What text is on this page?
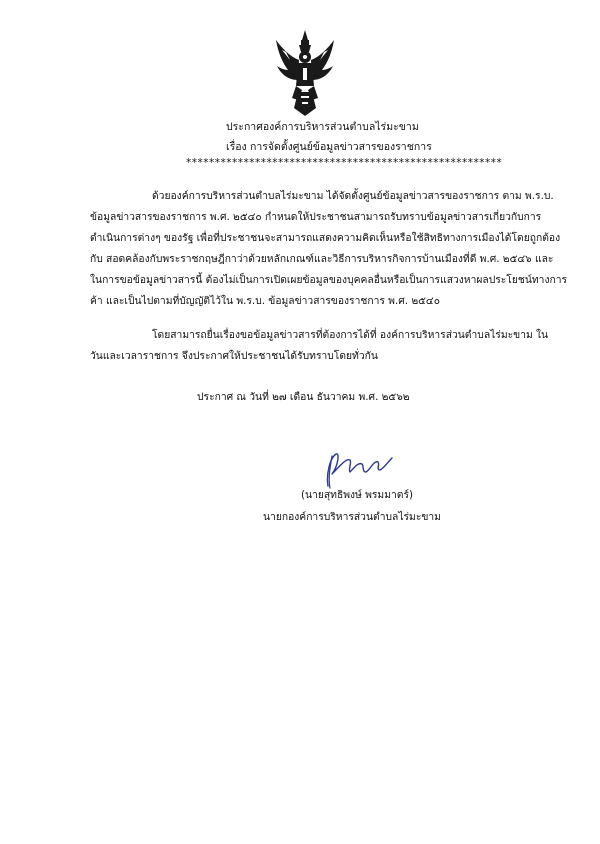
ประกาศองค์การบริหารส่วนตำบลไร่มะขาม
เรื่อง การจัดตั้งศูนย์ข้อมูลข่าวสารของราชการ
*******************************************************
ด้วยองค์การบริหารส่วนตำบลไร่มะขาม ได้จัดตั้งศูนย์ข้อมูลข่าวสารของราชการ ตาม พ.ร.บ.
ข้อมูลข่าวสารของราชการ พ.ศ. ๒๕๔๐ กำหนดให้ประชาชนสามารถรับทราบข้อมูลข่าวสารเกี่ยวกับการ
ดำเนินการต่างๆ ของรัฐ เพื่อที่ประชาชนจะสามารถแสดงความคิดเห็นหรือใช้สิทธิทางการเมืองได้โดยถูกต้อง
กับ สอดคล้องกับพระราชกฤษฎีกาว่าด้วยหลักเกณฑ์และวิธีการบริหารกิจการบ้านเมืองที่ดี พ.ศ. ๒๕๔๖ และ
ในการขอข้อมูลข่าวสารนี้ ต้องไม่เป็นการเปิดเผยข้อมูลของบุคคลอื่นหรือเป็นการแสวงหาผลประโยชน์ทางการ
ค้า และเป็นไปตามที่บัญญัติไว้ใน พ.ร.บ. ข้อมูลข่าวสารของราชการ พ.ศ. ๒๕๔๐
โดยสามารถยื่นเรื่องขอข้อมูลข่าวสารที่ต้องการได้ที่ องค์การบริหารส่วนตำบลไร่มะขาม ใน
วันและเวลาราชการ จึงประกาศให้ประชาชนได้รับทราบโดยทั่วกัน
ประกาศ ณ วันที่ ๒๗ เดือน ธันวาคม พ.ศ. ๒๕๖๒
(นายสุทธิพงษ์ พรมมาตร์)
นายกองค์การบริหารส่วนตำบลไร่มะขาม
